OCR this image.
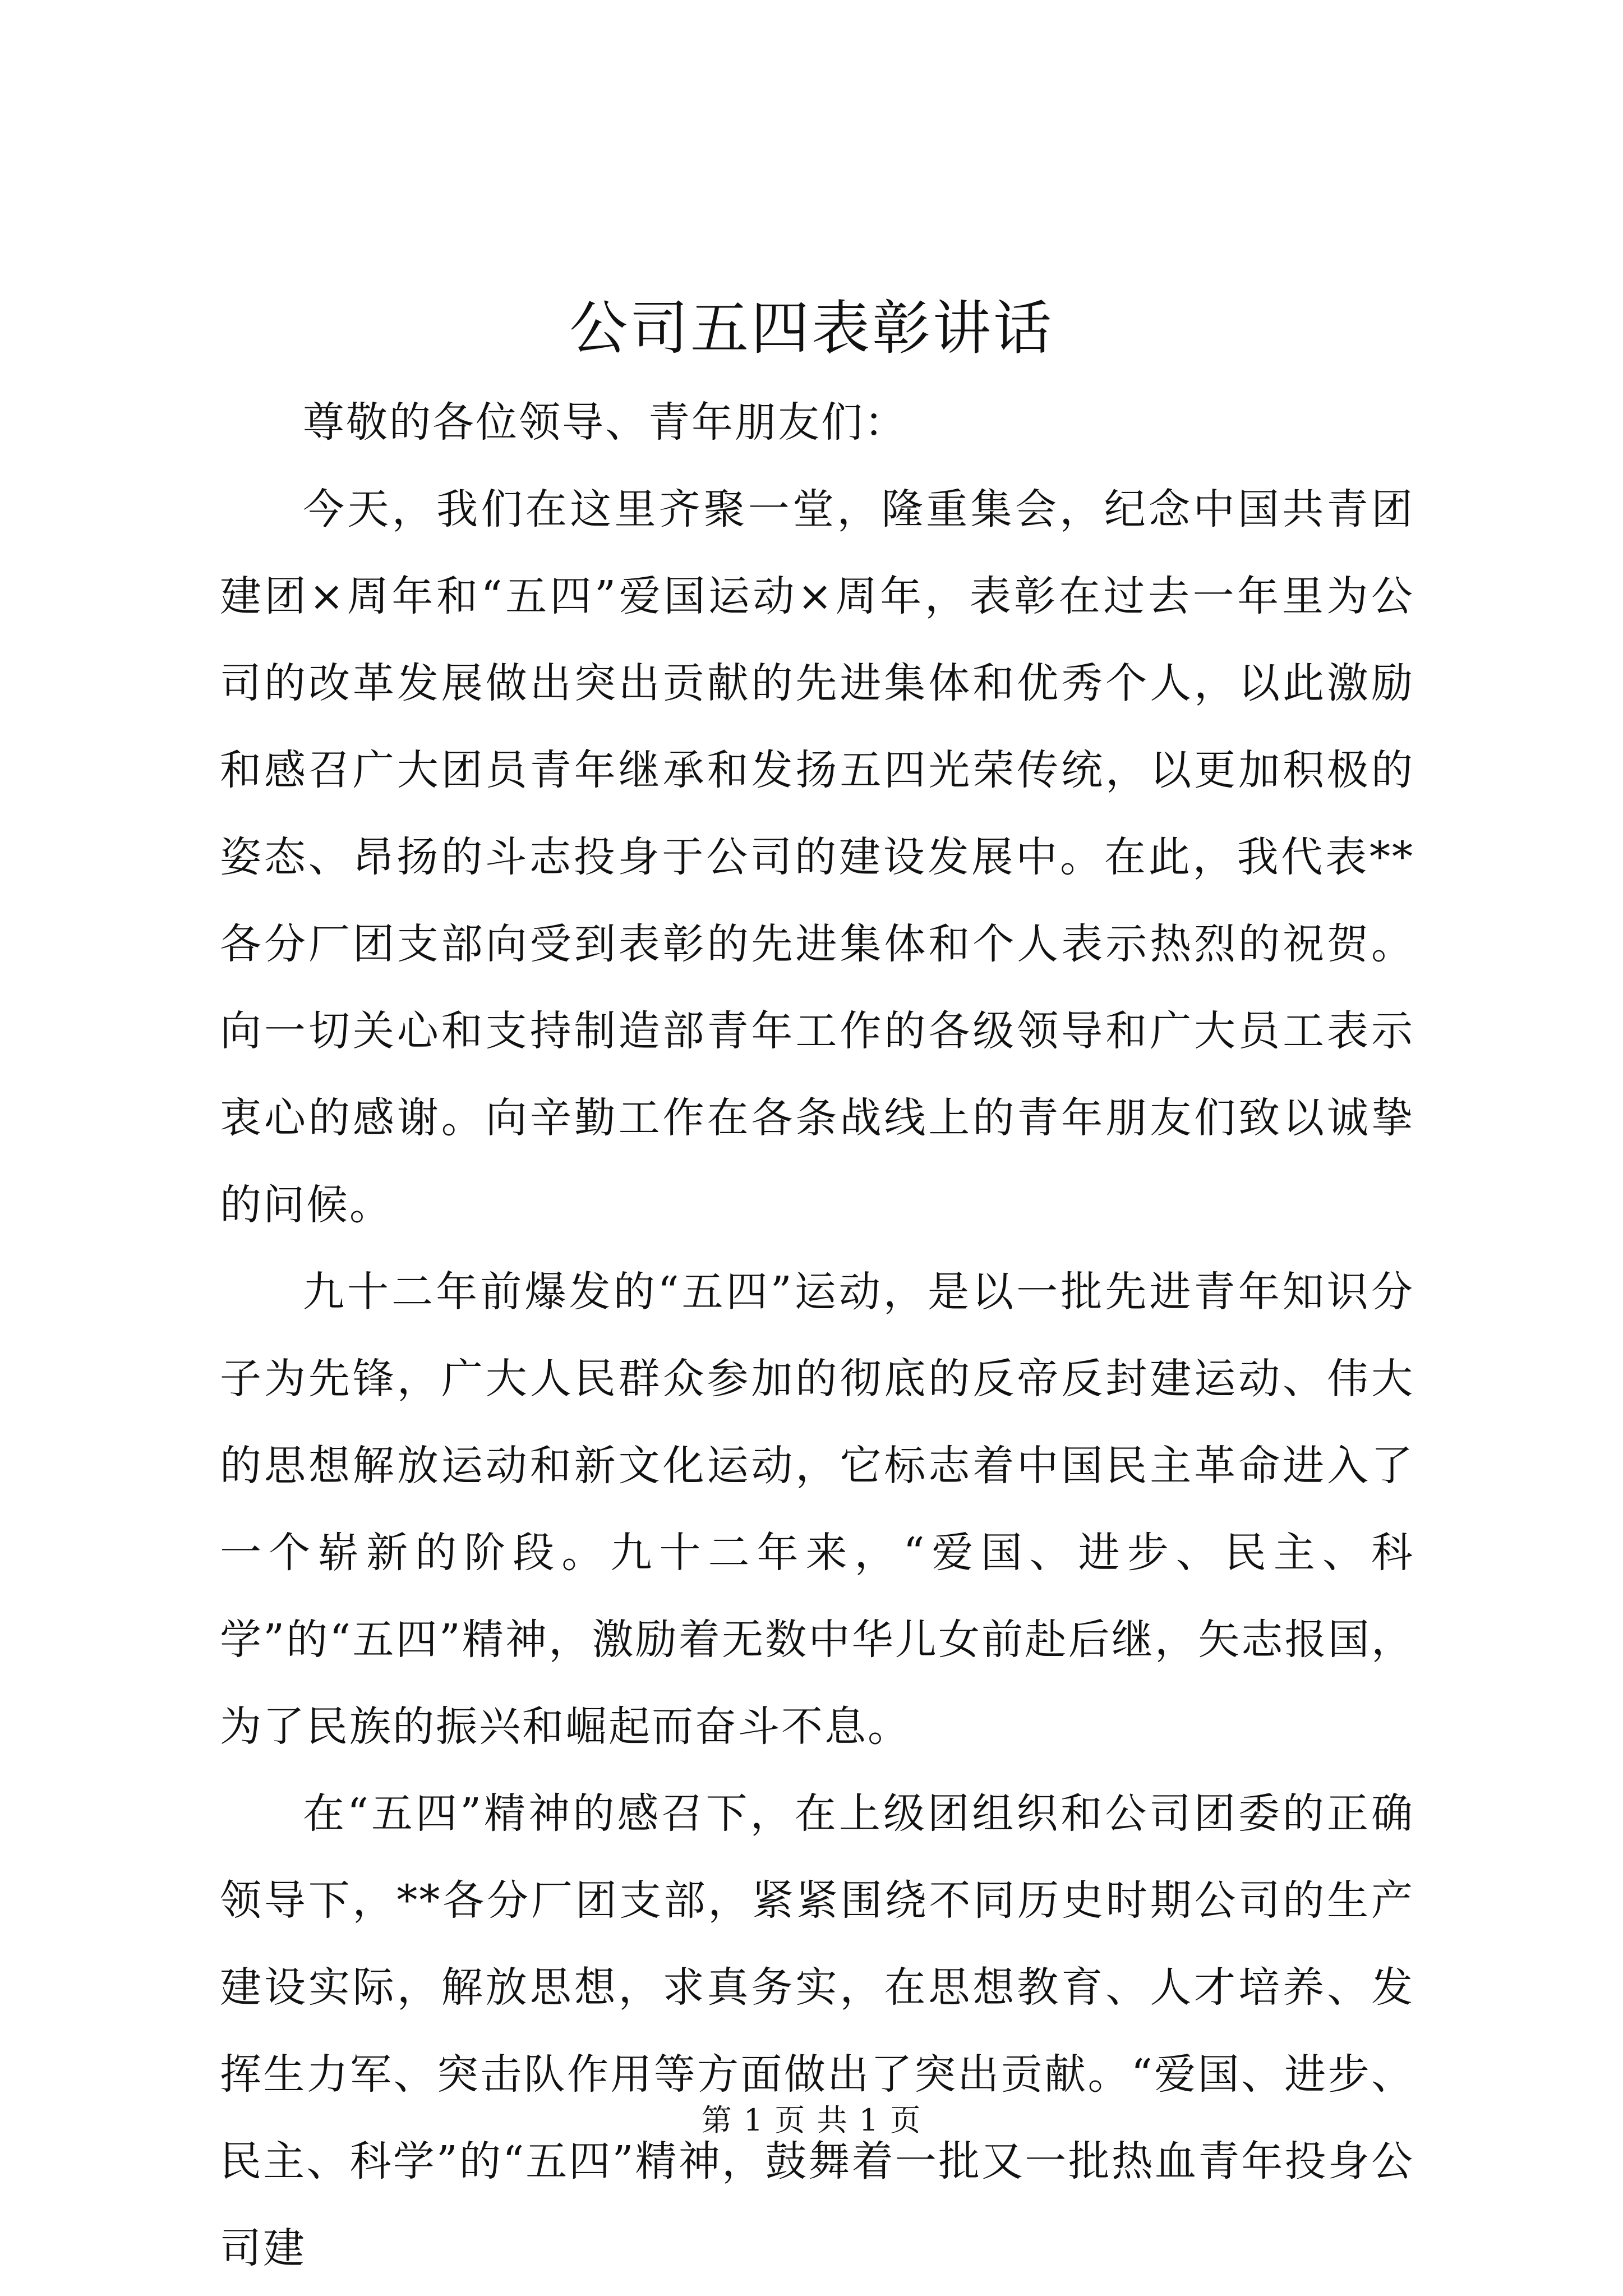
公司五四表彰讲话

尊敬的各位领导、青年朋友们：

今天，我们在这里齐聚一堂，隆重集会，纪念中国共青团建团×周年和“五四”爱国运动×周年，表彰在过去一年里为公司的改革发展做出突出贡献的先进集体和优秀个人，以此激励和感召广大团员青年继承和发扬五四光荣传统，以更加积极的姿态、昂扬的斗志投身于公司的建设发展中。在此，我代表**各分厂团支部向受到表彰的先进集体和个人表示热烈的祝贺。向一切关心和支持制造部青年工作的各级领导和广大员工表示衷心的感谢。向辛勤工作在各条战线上的青年朋友们致以诚挚的问候。

九十二年前爆发的“五四”运动，是以一批先进青年知识分子为先锋，广大人民群众参加的彻底的反帝反封建运动、伟大的思想解放运动和新文化运动，它标志着中国民主革命进入了一个崭新的阶段。九十二年来，“爱国、进步、民主、科学”的“五四”精神，激励着无数中华儿女前赴后继，矢志报国，为了民族的振兴和崛起而奋斗不息。

在“五四”精神的感召下，在上级团组织和公司团委的正确领导下，**各分厂团支部，紧紧围绕不同历史时期公司的生产建设实际，解放思想，求真务实，在思想教育、人才培养、发挥生力军、突击队作用等方面做出了突出贡献。“爱国、进步、民主、科学”的“五四”精神，鼓舞着一批又一批热血青年投身公司建

第 1 页 共 1 页
